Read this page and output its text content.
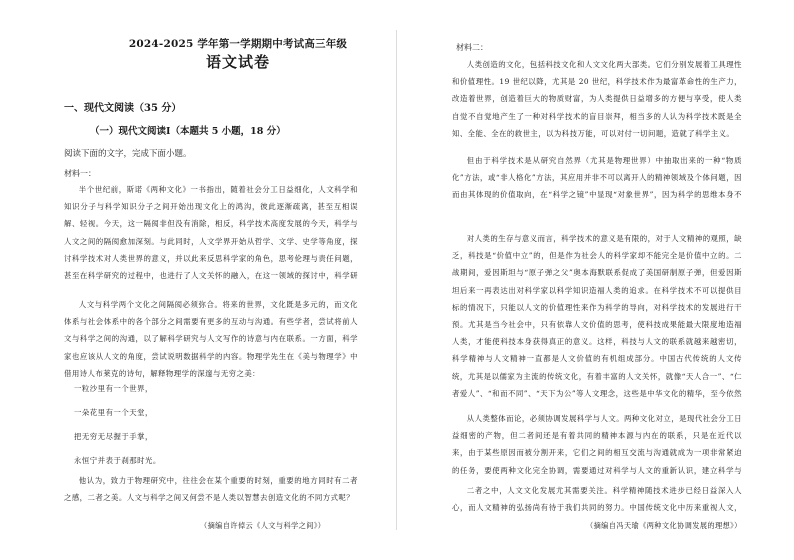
2024-2025 学年第一学期期中考试高三年级
语文试卷
一、现代文阅读（35 分）
（一）现代文阅读Ⅰ（本题共 5 小题，18 分）
阅读下面的文字，完成下面小题。
材料一：

半个世纪前，斯诺《两种文化》一书指出，随着社会分工日益细化，人文科学和知识分子与科学知识分子之间开始出现文化上的鸿沟，彼此逐渐疏离，甚至互相误解、轻视。今天，这一隔阂非但没有消除，相反，科学技术高度发展的今天，科学与人文之间的隔阂愈加深刻。与此同时，人文学界开始从哲学、文学、史学等角度，探讨科学技术对人类世界的意义，并以此来反思科学家的角色，思考伦理与责任问题，甚至在科学研究的过程中，也进行了人文关怀的融入，在这一领域的探讨中，科学研

人文与科学两个文化之间隔阂必须弥合。将来的世界，文化既是多元的，而文化体系与社会体系中的各个部分之间需要有更多的互动与沟通。有些学者，尝试将前人文与科学之间的沟通，以了解科学研究与人文写作的诗意与内在联系。一方面，科学家也应该从人文的角度，尝试说明数据科学的内容。物理学先生在《美与物理学》中借用诗人布莱克的诗句，解释物理学的深邃与无穷之美：

一粒沙里有一个世界，
一朵花里有一个天堂，
把无穷无尽握于手掌，
永恒宁并表于刹那时光。

他认为，致力于物理研究中，往往会在某个重要的时刻，重要的地方同时有二者之感，二者之美。人文与科学之间又何尝不是人类以智慧去创造文化的不同方式呢？

（摘编自许倬云《人文与科学之间》）
材料二：

人类创造的文化，包括科技文化和人文文化两大部类。它们分别发展着工具理性和价值理性。19 世纪以降，尤其是 20 世纪，科学技术作为最富革命性的生产力，改造着世界，创造着巨大的物质财富，为人类提供日益增多的方便与享受，使人类自觉不自觉地产生了一种对科学技术的盲目崇拜，相当多的人认为科学技术既是全知、全能、全在的救世主，以为科技万能，可以对付一切问题，造就了科学主义。

但由于科学技术是从研究自然界（尤其是物理世界）中抽取出来的一种“物质化”方法，或“非人格化”方法，其应用并非不可以离开人的精神领域及个体问题，因而由其体现的价值取向，在“科学之镜”中显现“对象世界”，因为科学的思维本身不

对人类的生存与意义而言，科学技术的意义是有限的，对于人文精神的观照，缺乏，科技是“价值中立”的，但是作为社会人的科学家却不能完全是价值中立的。二战期间，爱因斯坦与“原子弹之父”奥本海默联系促成了美国研制原子弹，但爱因斯坦后来一再表达出对科学家以科学知识造福人类的追求。在科学技术不可以提供目标的情况下，只能以人文的价值理性来作为科学的导向，对科学技术的发展进行干预。尤其是当今社会中，只有依靠人文价值的思考，使科技成果能最大限度地造福人类，才能使科技本身获得真正的意义。这样，科技与人文的联系就越来越密切，科学精神与人文精神一直都是人文价值的有机组成部分。中国古代传统的人文传统，尤其是以儒家为主流的传统文化，有着丰富的人文关怀，就像“天人合一”、“仁者爱人”、“和而不同”、“天下为公”等人文理念，这些是中华文化的精华，至今依然

从人类整体而论，必须协调发展科学与人文。两种文化对立，是现代社会分工日益细密的产物，但二者间还是有着共同的精神本源与内在的联系，只是在近代以来，由于某些原因而被分割开来，它们之间的相互交流与沟通就成为一项非常紧迫的任务，要使两种文化完全协调，需要通过对科学与人文的重新认识，建立科学与

二者之中，人文文化发展尤其需要关注。科学精神随技术进步已经日益深入人心，而人文精神的弘扬尚有待于我们共同的努力。中国传统文化中历来重视人文，

（摘编自冯天瑜《两种文化协调发展的理想》）
